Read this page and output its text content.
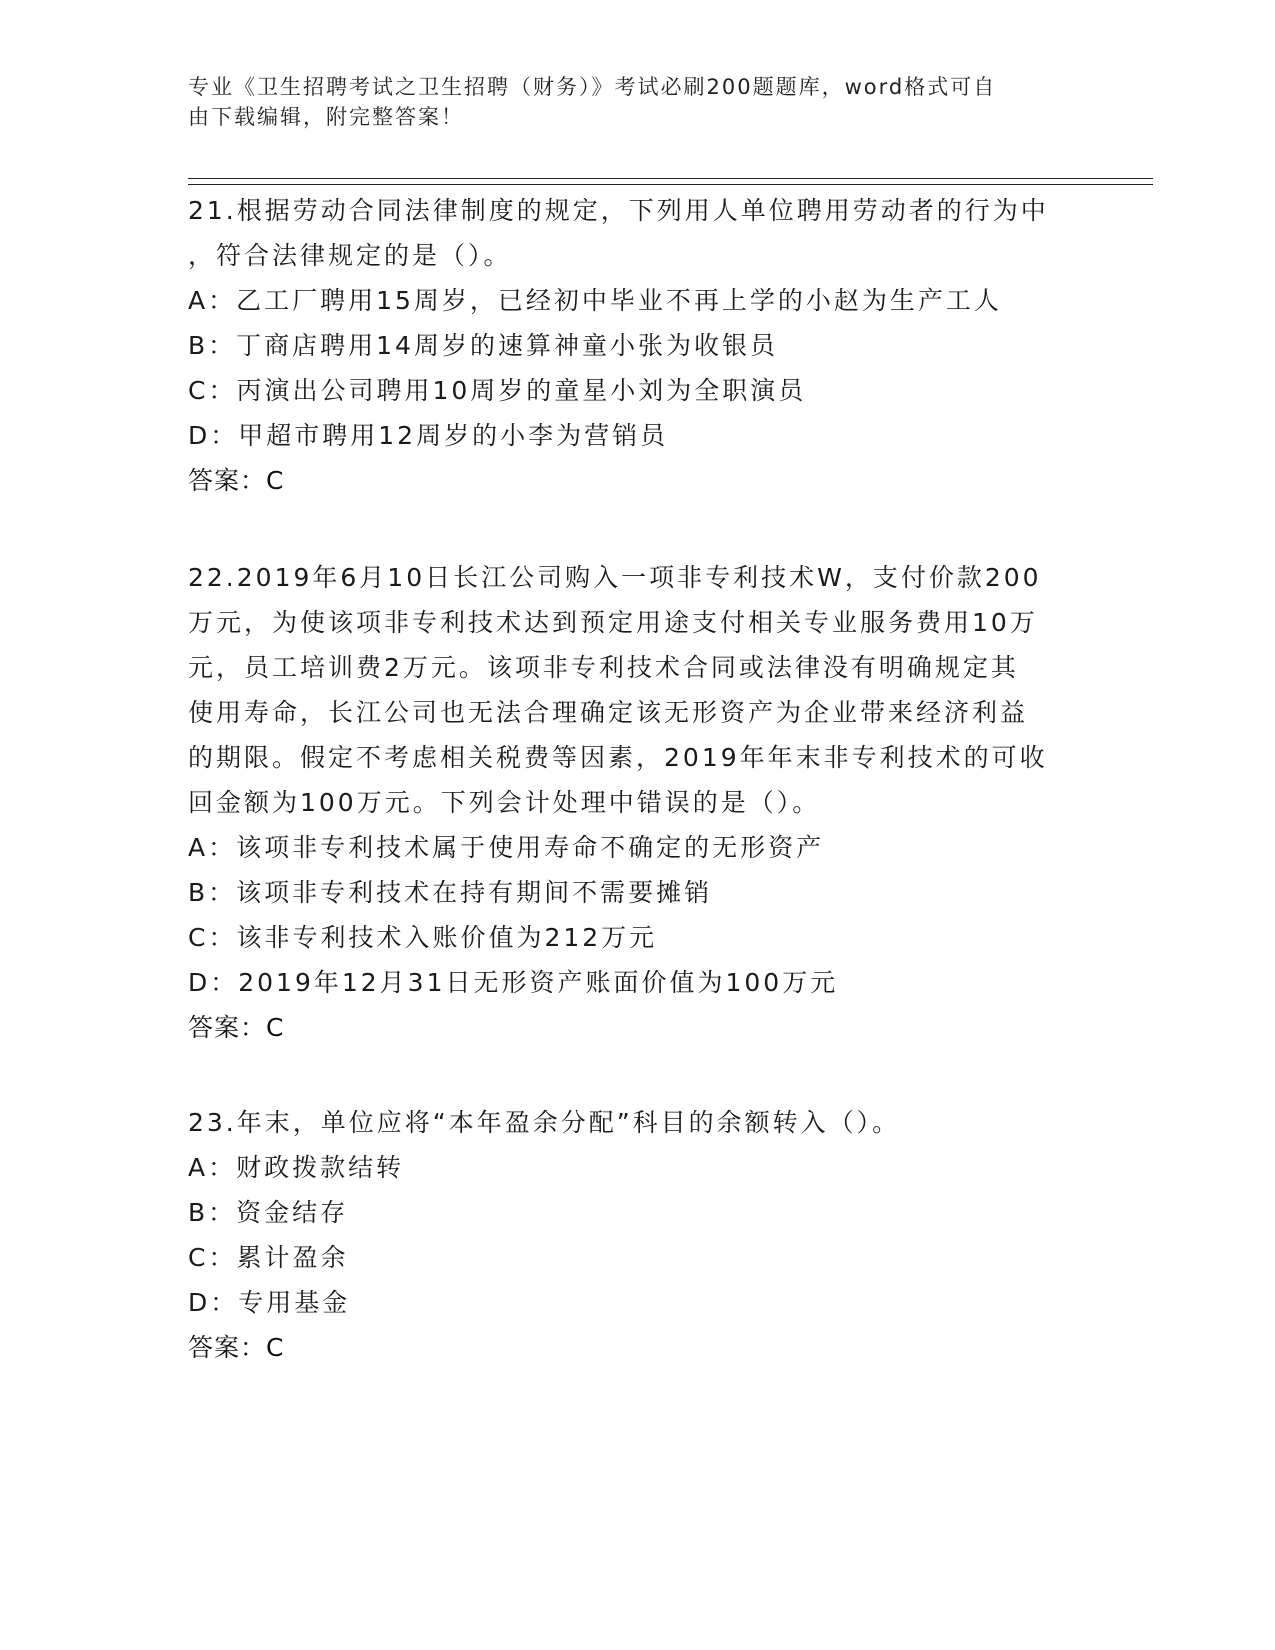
专业《卫生招聘考试之卫生招聘（财务）》考试必刷200题题库，word格式可自

由下载编辑，附完整答案！

21.根据劳动合同法律制度的规定，下列用人单位聘用劳动者的行为中

，符合法律规定的是（）。

A：乙工厂聘用15周岁，已经初中毕业不再上学的小赵为生产工人

B：丁商店聘用14周岁的速算神童小张为收银员

C：丙演出公司聘用10周岁的童星小刘为全职演员

D：甲超市聘用12周岁的小李为营销员

答案：C

22.2019年6月10日长江公司购入一项非专利技术W，支付价款200

万元，为使该项非专利技术达到预定用途支付相关专业服务费用10万

元，员工培训费2万元。该项非专利技术合同或法律没有明确规定其

使用寿命，长江公司也无法合理确定该无形资产为企业带来经济利益

的期限。假定不考虑相关税费等因素，2019年年末非专利技术的可收

回金额为100万元。下列会计处理中错误的是（）。

A：该项非专利技术属于使用寿命不确定的无形资产

B：该项非专利技术在持有期间不需要摊销

C：该非专利技术入账价值为212万元

D：2019年12月31日无形资产账面价值为100万元

答案：C

23.年末，单位应将“本年盈余分配”科目的余额转入（）。

A：财政拨款结转

B：资金结存

C：累计盈余

D：专用基金

答案：C
